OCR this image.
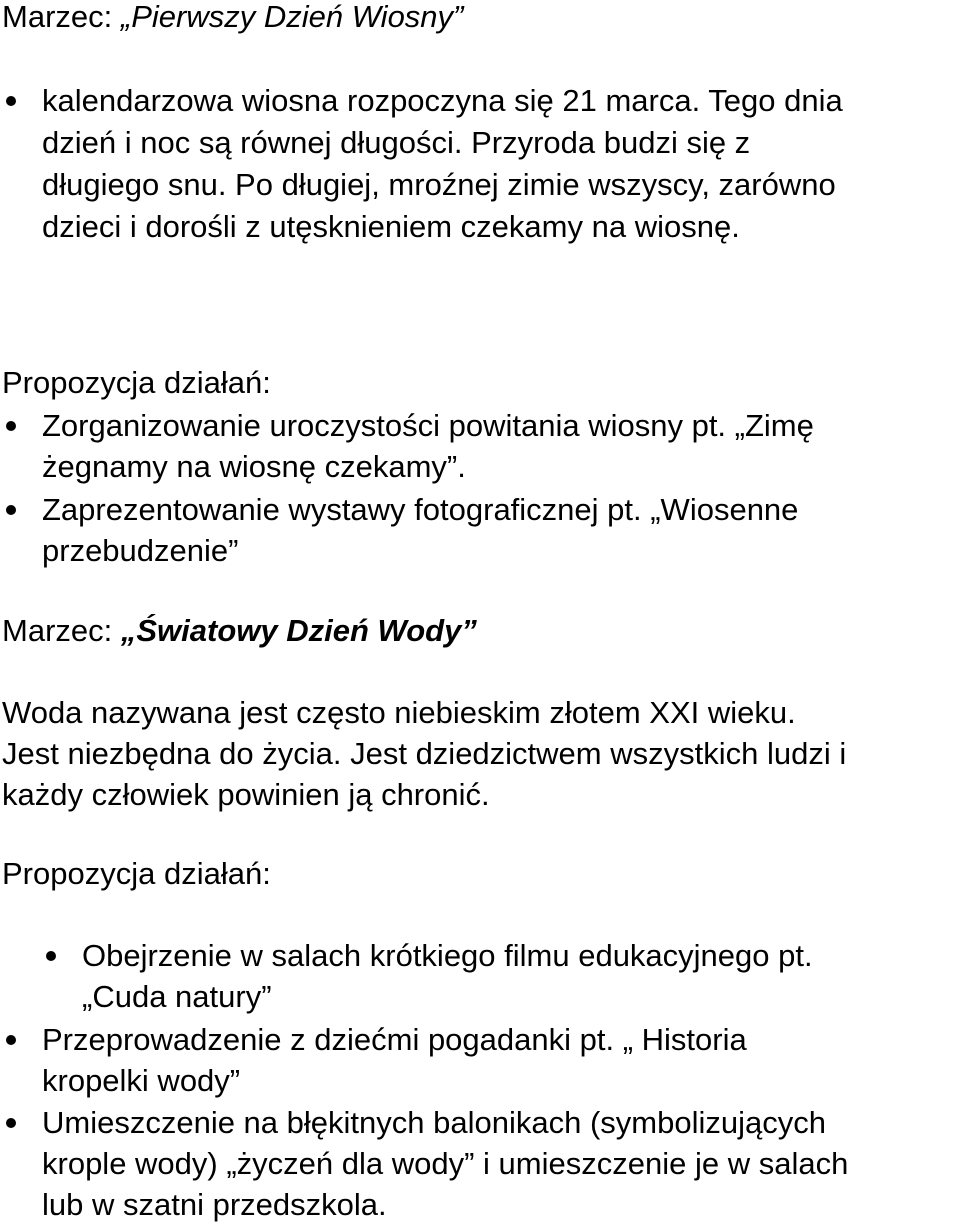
Marzec: „Pierwszy Dzień Wiosny”
kalendarzowa wiosna rozpoczyna się 21 marca. Tego dnia
dzień i noc są równej długości. Przyroda budzi się z
długiego snu. Po długiej, mroźnej zimie wszyscy, zarówno
dzieci i dorośli z utęsknieniem czekamy na wiosnę.
Propozycja działań:
Zorganizowanie uroczystości powitania wiosny pt. „Zimę
żegnamy na wiosnę czekamy”.
Zaprezentowanie wystawy fotograficznej pt. „Wiosenne
przebudzenie”
Marzec: „Światowy Dzień Wody”
Woda nazywana jest często niebieskim złotem XXI wieku.
Jest niezbędna do życia. Jest dziedzictwem wszystkich ludzi i
każdy człowiek powinien ją chronić.
Propozycja działań:
Obejrzenie w salach krótkiego filmu edukacyjnego pt.
„Cuda natury”
Przeprowadzenie z dziećmi pogadanki pt. „ Historia
kropelki wody”
Umieszczenie na błękitnych balonikach (symbolizujących
krople wody) „życzeń dla wody” i umieszczenie je w salach
lub w szatni przedszkola.
